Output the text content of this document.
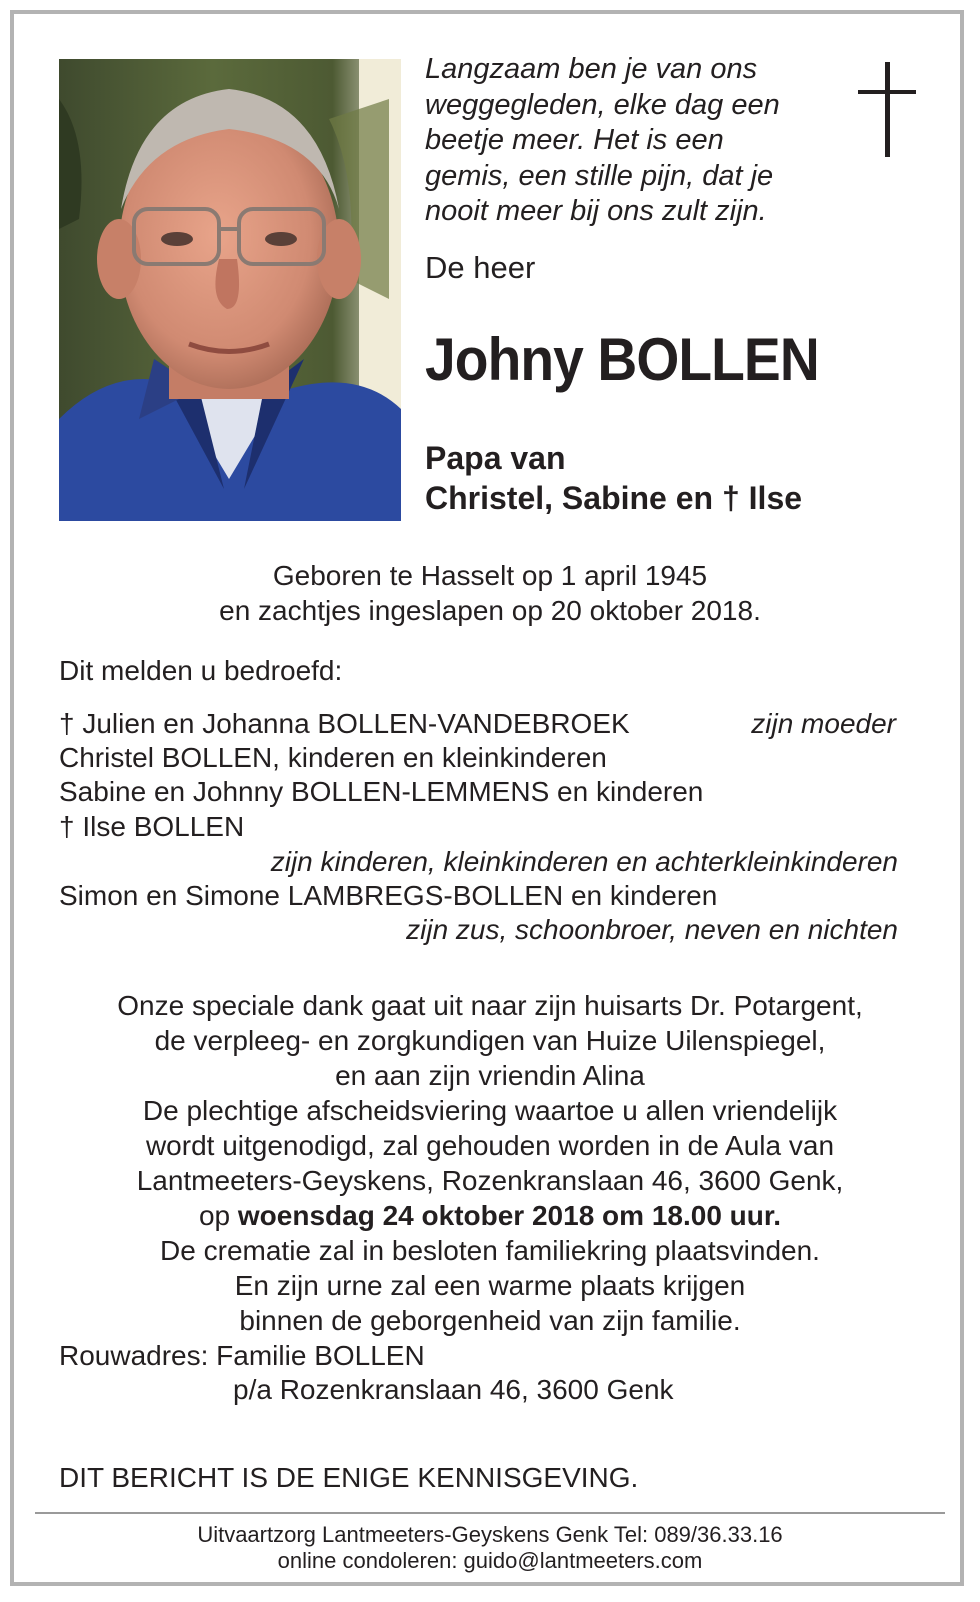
Langzaam ben je van ons
weggegleden, elke dag een
beetje meer. Het is een
gemis, een stille pijn, dat je
nooit meer bij ons zult zijn.
De heer
Johny BOLLEN
Papa van
Christel, Sabine en † Ilse
Geboren te Hasselt op 1 april 1945
en zachtjes ingeslapen op 20 oktober 2018.
Dit melden u bedroefd:
† Julien en Johanna BOLLEN-VANDEBROEK	zijn moeder
Christel BOLLEN, kinderen en kleinkinderen
Sabine en Johnny BOLLEN-LEMMENS en kinderen
† Ilse BOLLEN
zijn kinderen, kleinkinderen en achterkleinkinderen
Simon en Simone LAMBREGS-BOLLEN en kinderen
zijn zus, schoonbroer, neven en nichten
Onze speciale dank gaat uit naar zijn huisarts Dr. Potargent,
de verpleeg- en zorgkundigen van Huize Uilenspiegel,
en aan zijn vriendin Alina
De plechtige afscheidsviering waartoe u allen vriendelijk
wordt uitgenodigd, zal gehouden worden in de Aula van
Lantmeeters-Geyskens, Rozenkranslaan 46, 3600 Genk,
op woensdag 24 oktober 2018 om 18.00 uur.
De crematie zal in besloten familiekring plaatsvinden.
En zijn urne zal een warme plaats krijgen
binnen de geborgenheid van zijn familie.
Rouwadres: Familie BOLLEN
p/a Rozenkranslaan 46, 3600 Genk
DIT BERICHT IS DE ENIGE KENNISGEVING.
Uitvaartzorg Lantmeeters-Geyskens Genk Tel: 089/36.33.16
online condoleren: guido@lantmeeters.com
